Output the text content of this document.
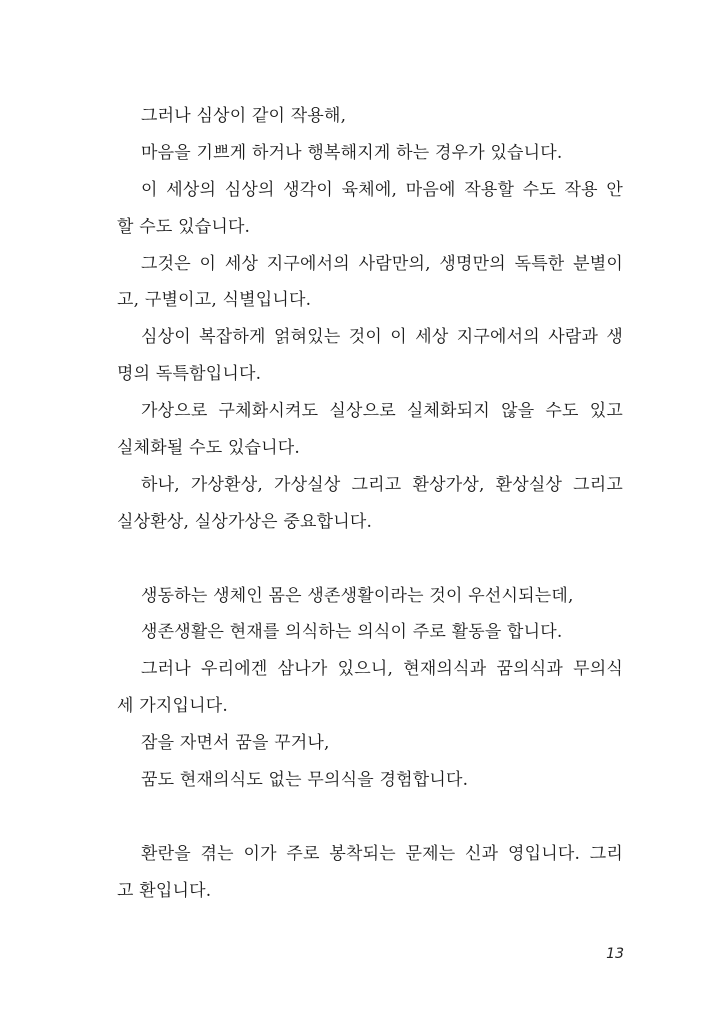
그러나 심상이 같이 작용해,
마음을 기쁘게 하거나 행복해지게 하는 경우가 있습니다.
이 세상의 심상의 생각이 육체에, 마음에 작용할 수도 작용 안
할 수도 있습니다.
그것은 이 세상 지구에서의 사람만의, 생명만의 독특한 분별이
고, 구별이고, 식별입니다.
심상이 복잡하게 얽혀있는 것이 이 세상 지구에서의 사람과 생
명의 독특함입니다.
가상으로 구체화시켜도 실상으로 실체화되지 않을 수도 있고
실체화될 수도 있습니다.
하나, 가상환상, 가상실상 그리고 환상가상, 환상실상 그리고
실상환상, 실상가상은 중요합니다.
생동하는 생체인 몸은 생존생활이라는 것이 우선시되는데,
생존생활은 현재를 의식하는 의식이 주로 활동을 합니다.
그러나 우리에겐 삼나가 있으니, 현재의식과 꿈의식과 무의식
세 가지입니다.
잠을 자면서 꿈을 꾸거나,
꿈도 현재의식도 없는 무의식을 경험합니다.
환란을 겪는 이가 주로 봉착되는 문제는 신과 영입니다. 그리
고 환입니다.
13
